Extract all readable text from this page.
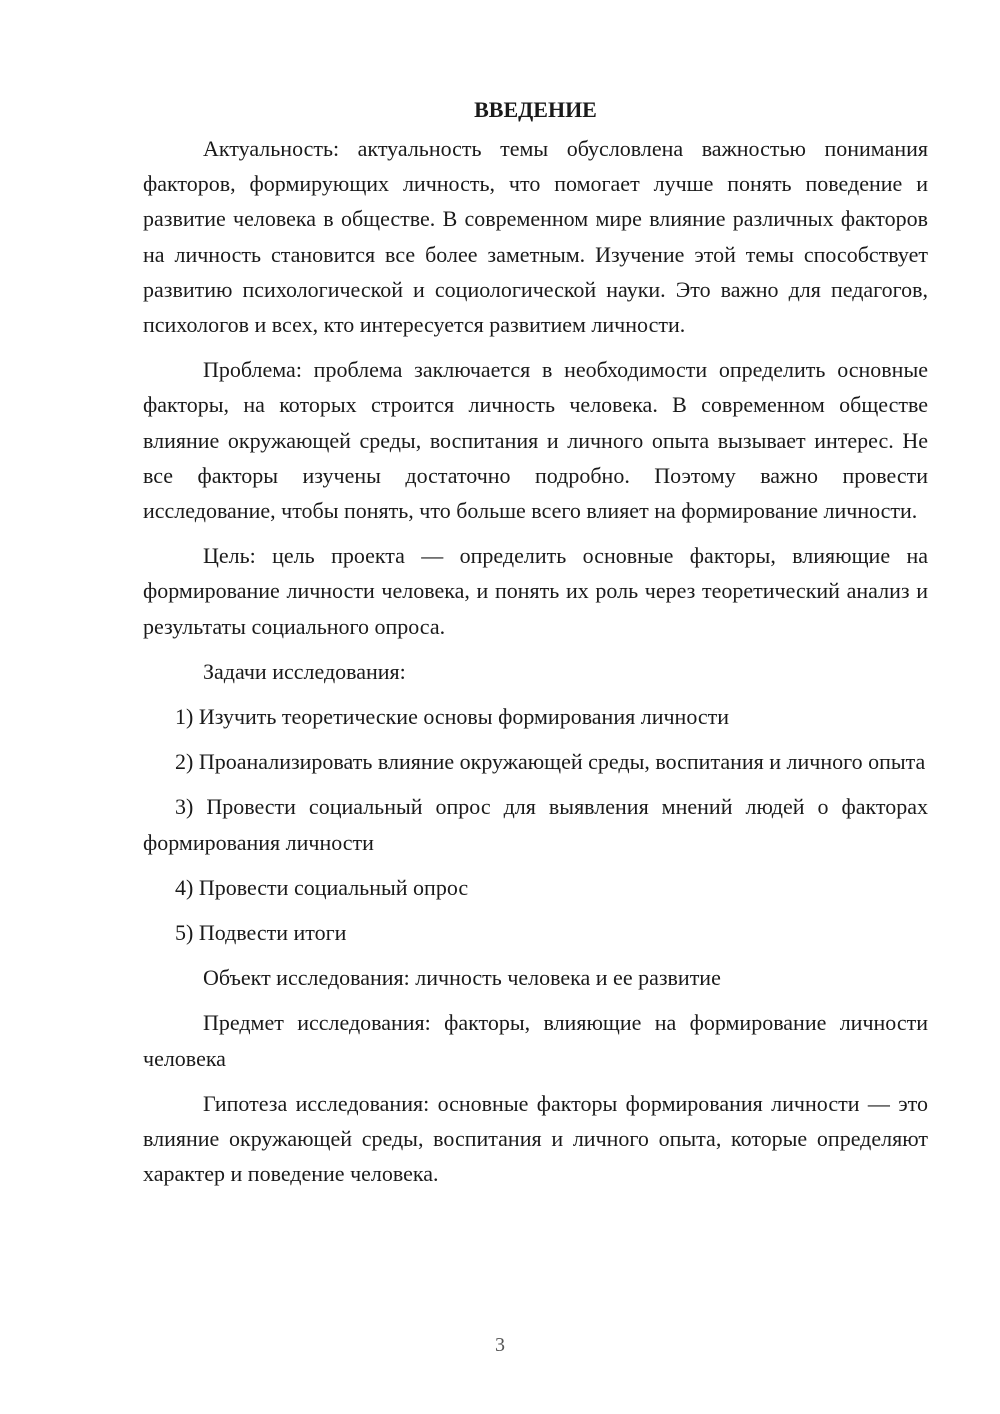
ВВЕДЕНИЕ

Актуальность: актуальность темы обусловлена важностью понимания факторов, формирующих личность, что помогает лучше понять поведение и развитие человека в обществе. В современном мире влияние различных факторов на личность становится все более заметным. Изучение этой темы способствует развитию психологической и социологической науки. Это важно для педагогов, психологов и всех, кто интересуется развитием личности.

Проблема: проблема заключается в необходимости определить основные факторы, на которых строится личность человека. В современном обществе влияние окружающей среды, воспитания и личного опыта вызывает интерес. Не все факторы изучены достаточно подробно. Поэтому важно провести исследование, чтобы понять, что больше всего влияет на формирование личности.

Цель: цель проекта — определить основные факторы, влияющие на формирование личности человека, и понять их роль через теоретический анализ и результаты социального опроса.

Задачи исследования:

1) Изучить теоретические основы формирования личности

2) Проанализировать влияние окружающей среды, воспитания и личного опыта

3) Провести социальный опрос для выявления мнений людей о факторах формирования личности

4) Провести социальный опрос

5) Подвести итоги

Объект исследования: личность человека и ее развитие

Предмет исследования: факторы, влияющие на формирование личности человека

Гипотеза исследования: основные факторы формирования личности — это влияние окружающей среды, воспитания и личного опыта, которые определяют характер и поведение человека.

3
